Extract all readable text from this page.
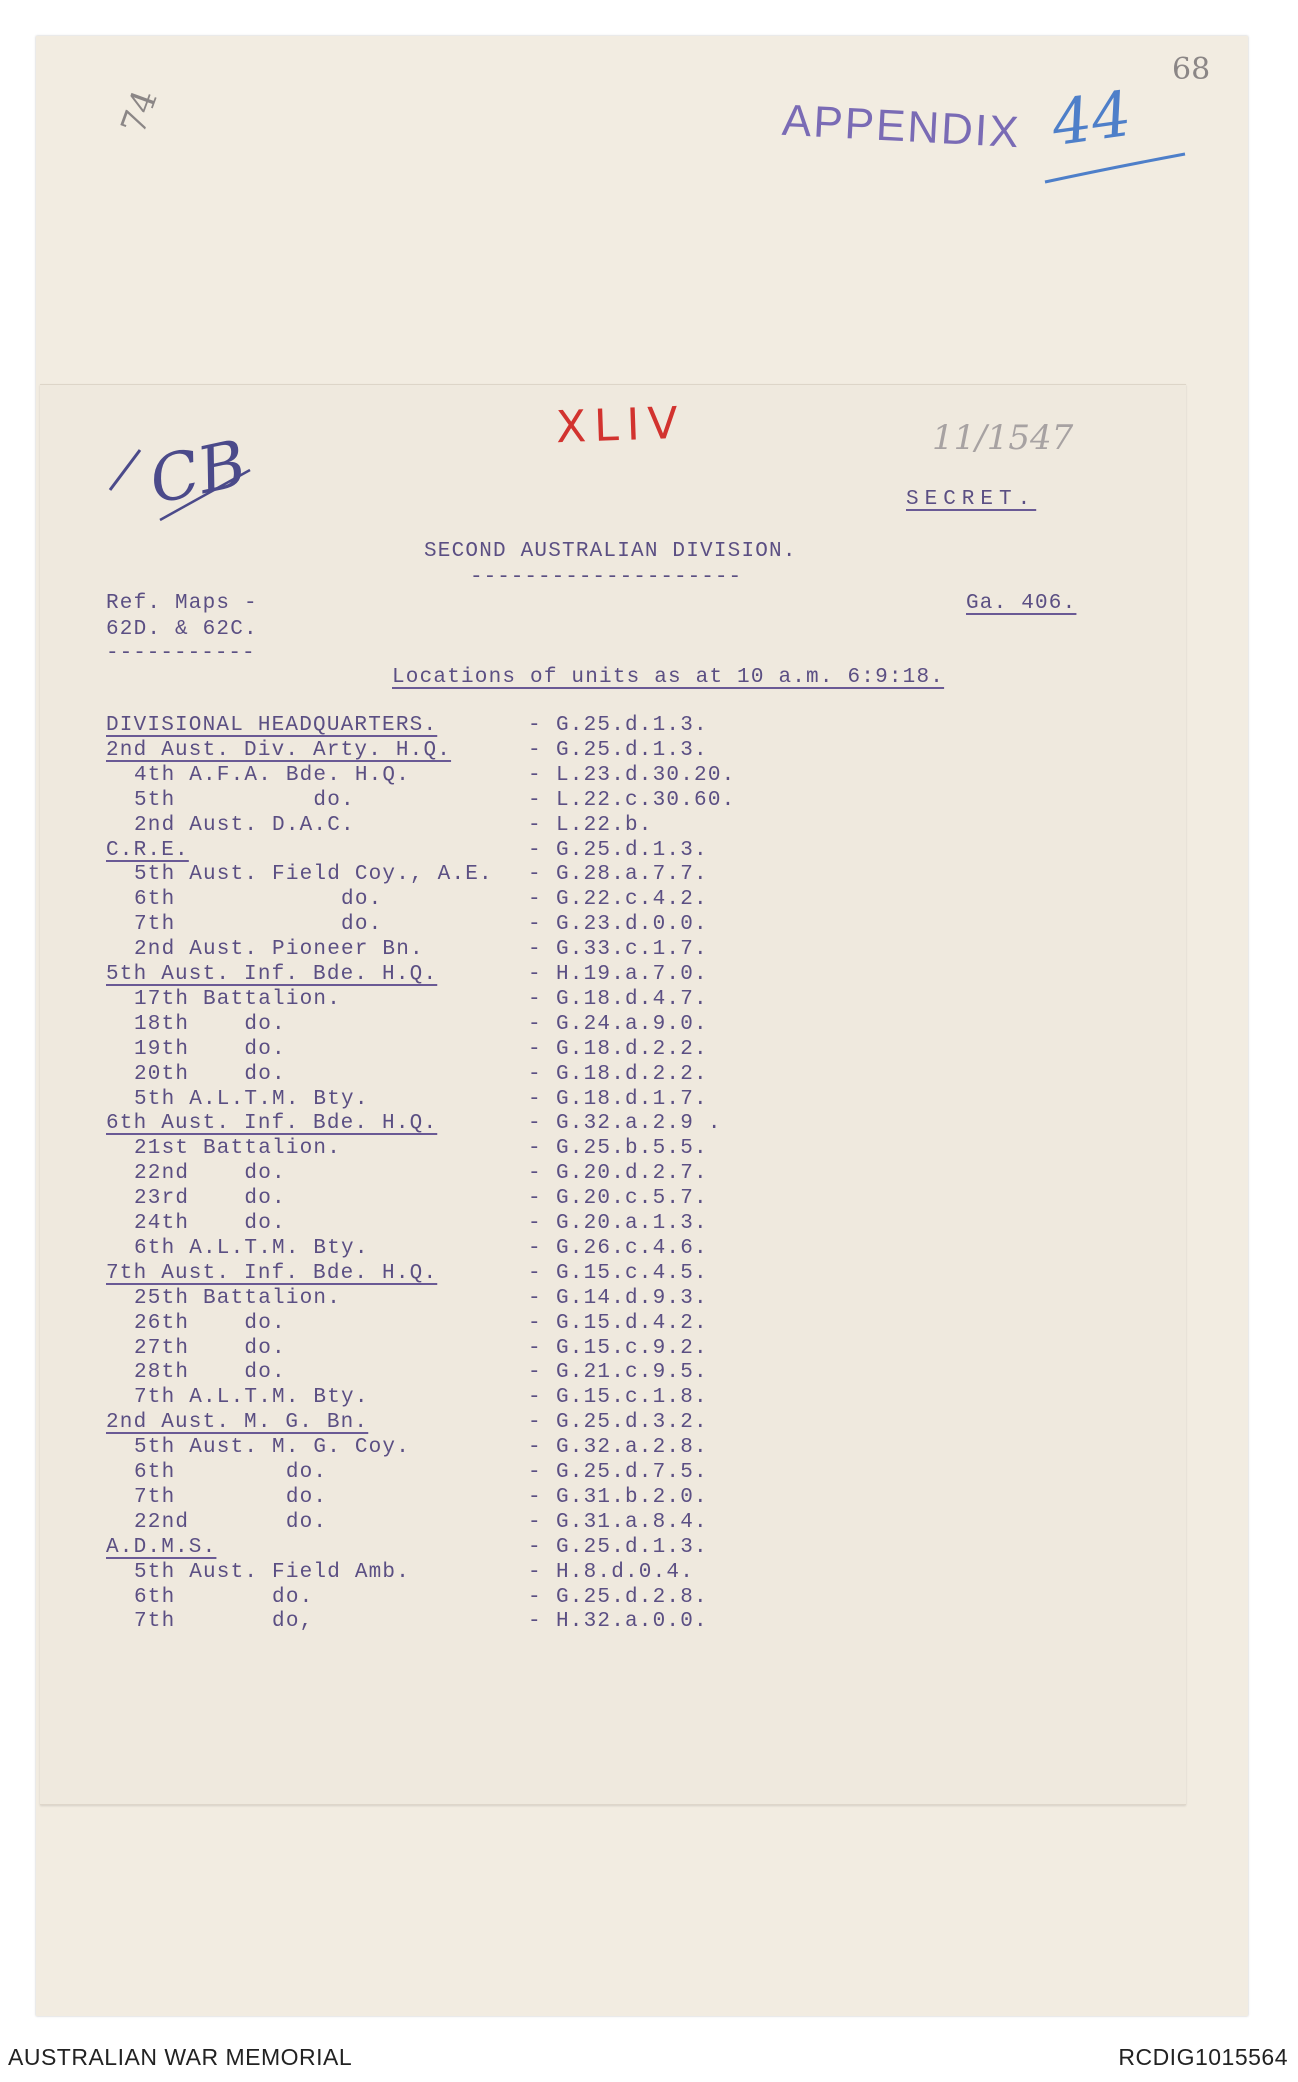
74
68
APPENDIX 44
XLIV	11/1547
CB	SECRET.
SECOND AUSTRALIAN DIVISION.
--------------------
Ref. Maps -
62D. & 62C.
-----------
Ga. 406.
Locations of units as at 10 a.m. 6:9:18.
DIVISIONAL HEADQUARTERS.	- G.25.d.1.3.
2nd Aust. Div. Arty. H.Q.	- G.25.d.1.3.
4th A.F.A. Bde. H.Q.	- L.23.d.30.20.
5th          do.	- L.22.c.30.60.
2nd Aust. D.A.C.	- L.22.b.
C.R.E.	- G.25.d.1.3.
5th Aust. Field Coy., A.E. - G.28.a.7.7.
6th            do.	- G.22.c.4.2.
7th            do.	- G.23.d.0.0.
2nd Aust. Pioneer Bn.	- G.33.c.1.7.
5th Aust. Inf. Bde. H.Q.	- H.19.a.7.0.
17th Battalion.	- G.18.d.4.7.
18th    do.	- G.24.a.9.0.
19th    do.	- G.18.d.2.2.
20th    do.	- G.18.d.2.2.
5th A.L.T.M. Bty.	- G.18.d.1.7.
6th Aust. Inf. Bde. H.Q.	- G.32.a.2.9 .
21st Battalion.	- G.25.b.5.5.
22nd    do.	- G.20.d.2.7.
23rd    do.	- G.20.c.5.7.
24th    do.	- G.20.a.1.3.
6th A.L.T.M. Bty.	- G.26.c.4.6.
7th Aust. Inf. Bde. H.Q.	- G.15.c.4.5.
25th Battalion.	- G.14.d.9.3.
26th    do.	- G.15.d.4.2.
27th    do.	- G.15.c.9.2.
28th    do.	- G.21.c.9.5.
7th A.L.T.M. Bty.	- G.15.c.1.8.
2nd Aust. M. G. Bn.	- G.25.d.3.2.
5th Aust. M. G. Coy.	- G.32.a.2.8.
6th        do.	- G.25.d.7.5.
7th        do.	- G.31.b.2.0.
22nd       do.	- G.31.a.8.4.
A.D.M.S.	- G.25.d.1.3.
5th Aust. Field Amb.	- H.8.d.0.4.
6th       do.	- G.25.d.2.8.
7th       do,	- H.32.a.0.0.
AUSTRALIAN WAR MEMORIAL	RCDIG1015564
